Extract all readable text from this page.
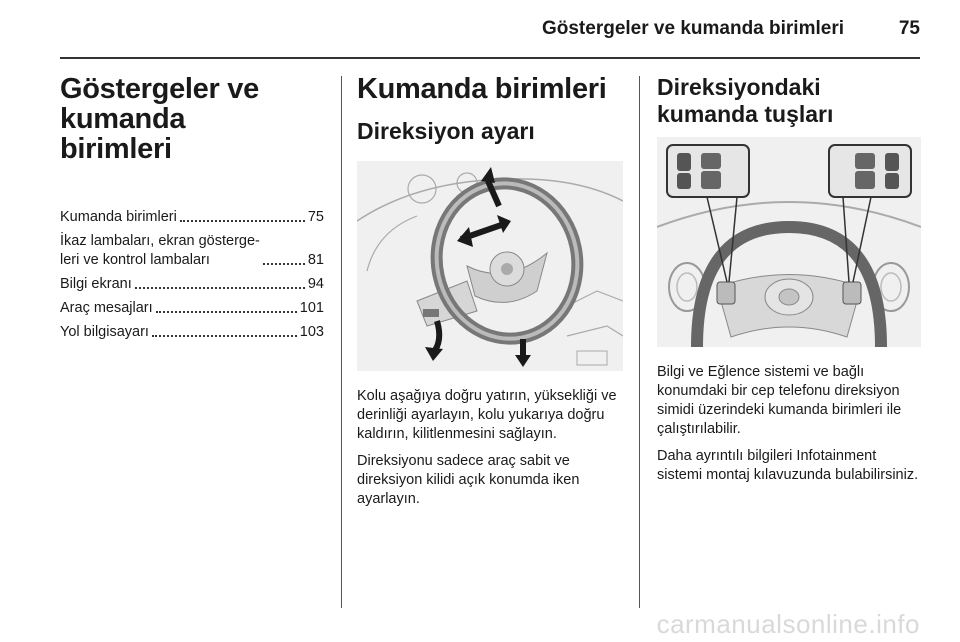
Göstergeler ve kumanda birimleri	75
Göstergeler ve kumanda birimleri
Kumanda birimleri	75
İkaz lambaları, ekran gösterge-
leri ve kontrol lambaları	81
Bilgi ekranı	94
Araç mesajları	101
Yol bilgisayarı	103
Kumanda birimleri
Direksiyon ayarı

Kolu aşağıya doğru yatırın, yüksekliği ve derinliği ayarlayın, kolu yukarıya doğru kaldırın, kilitlenmesini sağlayın.

Direksiyonu sadece araç sabit ve direksiyon kilidi açık konumda iken ayarlayın.

Direksiyondaki kumanda tuşları

Bilgi ve Eğlence sistemi ve bağlı konumdaki bir cep telefonu direksiyon simidi üzerindeki kumanda birimleri ile çalıştırılabilir.

Daha ayrıntılı bilgileri Infotainment sistemi montaj kılavuzunda bulabilirsiniz.

carmanualsonline.info
